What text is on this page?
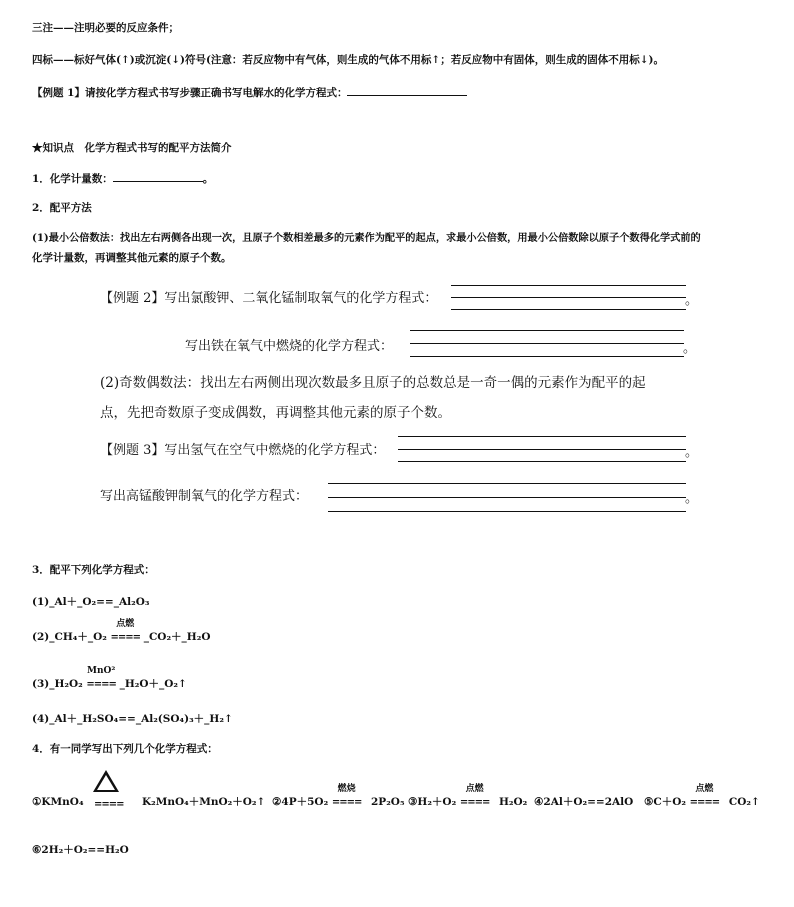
三注——注明必要的反应条件；
四标——标好气体(↑)或沉淀(↓)符号(注意：若反应物中有气体，则生成的气体不用标↑；若反应物中有固体，则生成的固体不用标↓)。
【例题 1】请按化学方程式书写步骤正确书写电解水的化学方程式：
★知识点　化学方程式书写的配平方法简介
1．化学计量数：	。
2．配平方法
(1)最小公倍数法：找出左右两侧各出现一次，且原子个数相差最多的元素作为配平的起点，求最小公倍数，用最小公倍数除以原子个数得化学式前的
化学计量数，再调整其他元素的原子个数。
【例题 2】写出氯酸钾、二氧化锰制取氧气的化学方程式：	。
写出铁在氧气中燃烧的化学方程式：	。
(2)奇数偶数法：找出左右两侧出现次数最多且原子的总数总是一奇一偶的元素作为配平的起
点，先把奇数原子变成偶数，再调整其他元素的原子个数。
【例题 3】写出氢气在空气中燃烧的化学方程式：	。
写出高锰酸钾制氧气的化学方程式：	。
3．配平下列化学方程式：
(1)_Al＋_O₂==_Al₂O₃
(2)_CH₄＋_O₂
点燃
==== _CO₂＋_H₂O
(3)_H₂O₂
MnO²
==== _H₂O＋_O₂↑
(4)_Al＋_H₂SO₄==_Al₂(SO₄)₃＋_H₂↑
4．有一同学写出下列几个化学方程式：
①KMnO₄ ==== K₂MnO₄＋MnO₂＋O₂↑ ②4P＋5O₂
燃烧
==== 2P₂O₅ ③H₂＋O₂
点燃
==== H₂O₂ ④2Al＋O₂==2AlO ⑤C＋O₂
点燃
==== CO₂↑
⑥2H₂＋O₂==H₂O
